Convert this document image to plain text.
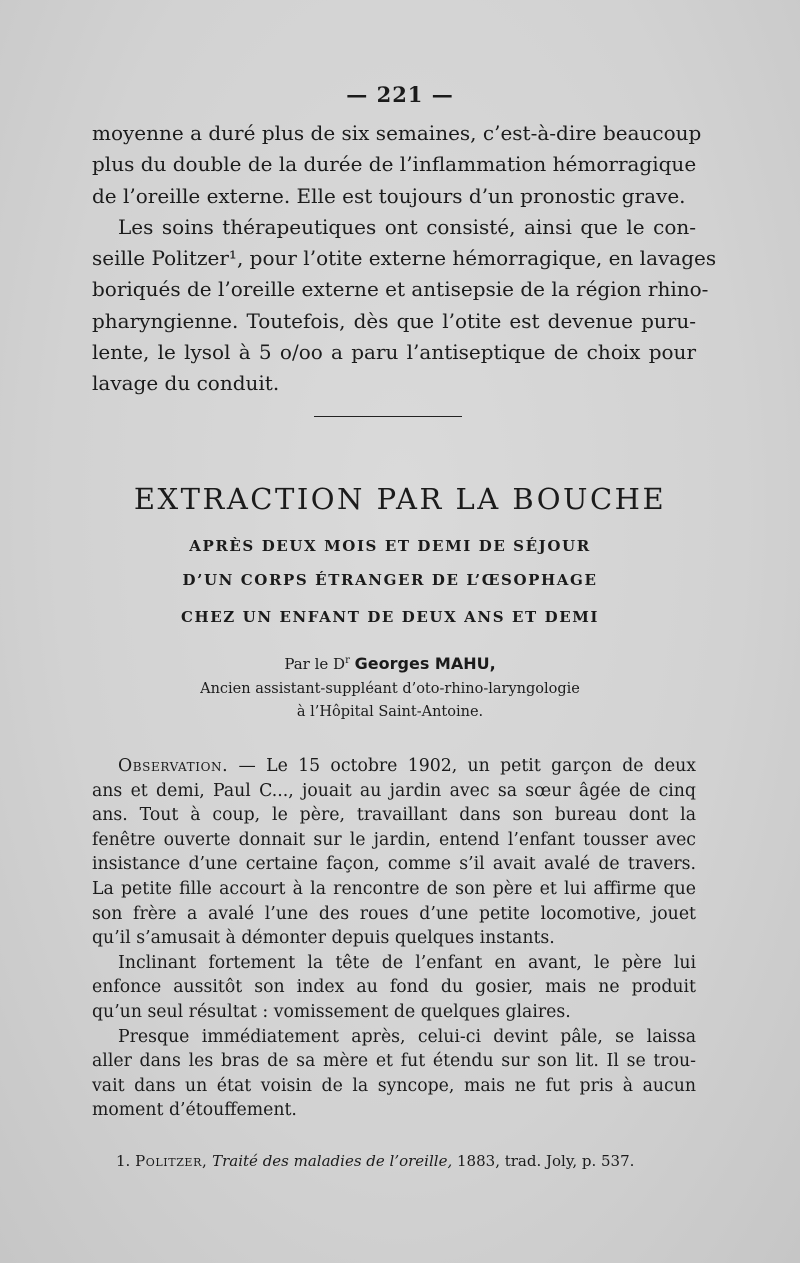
— 221 —
moyenne a duré plus de six semaines, c’est-à-dire beaucoup
plus du double de la durée de l’inflammation hémorragique
de l’oreille externe. Elle est toujours d’un pronostic grave.
Les soins thérapeutiques ont consisté, ainsi que le con-
seille Politzer¹, pour l’otite externe hémorragique, en lavages
boriqués de l’oreille externe et antisepsie de la région rhino-
pharyngienne. Toutefois, dès que l’otite est devenue puru-
lente, le lysol à 5 o/oo a paru l’antiseptique de choix pour
lavage du conduit.
EXTRACTION PAR LA BOUCHE
APRÈS DEUX MOIS ET DEMI DE SÉJOUR
D’UN CORPS ÉTRANGER DE L’ŒSOPHAGE
CHEZ UN ENFANT DE DEUX ANS ET DEMI
Par le $D^r$ Georges MAHU,
Ancien assistant-suppléant d’oto-rhino-laryngologie
à l’Hôpital Saint-Antoine.
Observation. — Le 15 octobre 1902, un petit garçon de deux
ans et demi, Paul C..., jouait au jardin avec sa sœur âgée de cinq
ans. Tout à coup, le père, travaillant dans son bureau dont la
fenêtre ouverte donnait sur le jardin, entend l’enfant tousser avec
insistance d’une certaine façon, comme s’il avait avalé de travers.
La petite fille accourt à la rencontre de son père et lui affirme que
son frère a avalé l’une des roues d’une petite locomotive, jouet
qu’il s’amusait à démonter depuis quelques instants.
Inclinant fortement la tête de l’enfant en avant, le père lui
enfonce aussitôt son index au fond du gosier, mais ne produit
qu’un seul résultat : vomissement de quelques glaires.
Presque immédiatement après, celui-ci devint pâle, se laissa
aller dans les bras de sa mère et fut étendu sur son lit. Il se trou-
vait dans un état voisin de la syncope, mais ne fut pris à aucun
moment d’étouffement.
1. Politzer, Traité des maladies de l’oreille, 1883, trad. Joly, p. 537.
